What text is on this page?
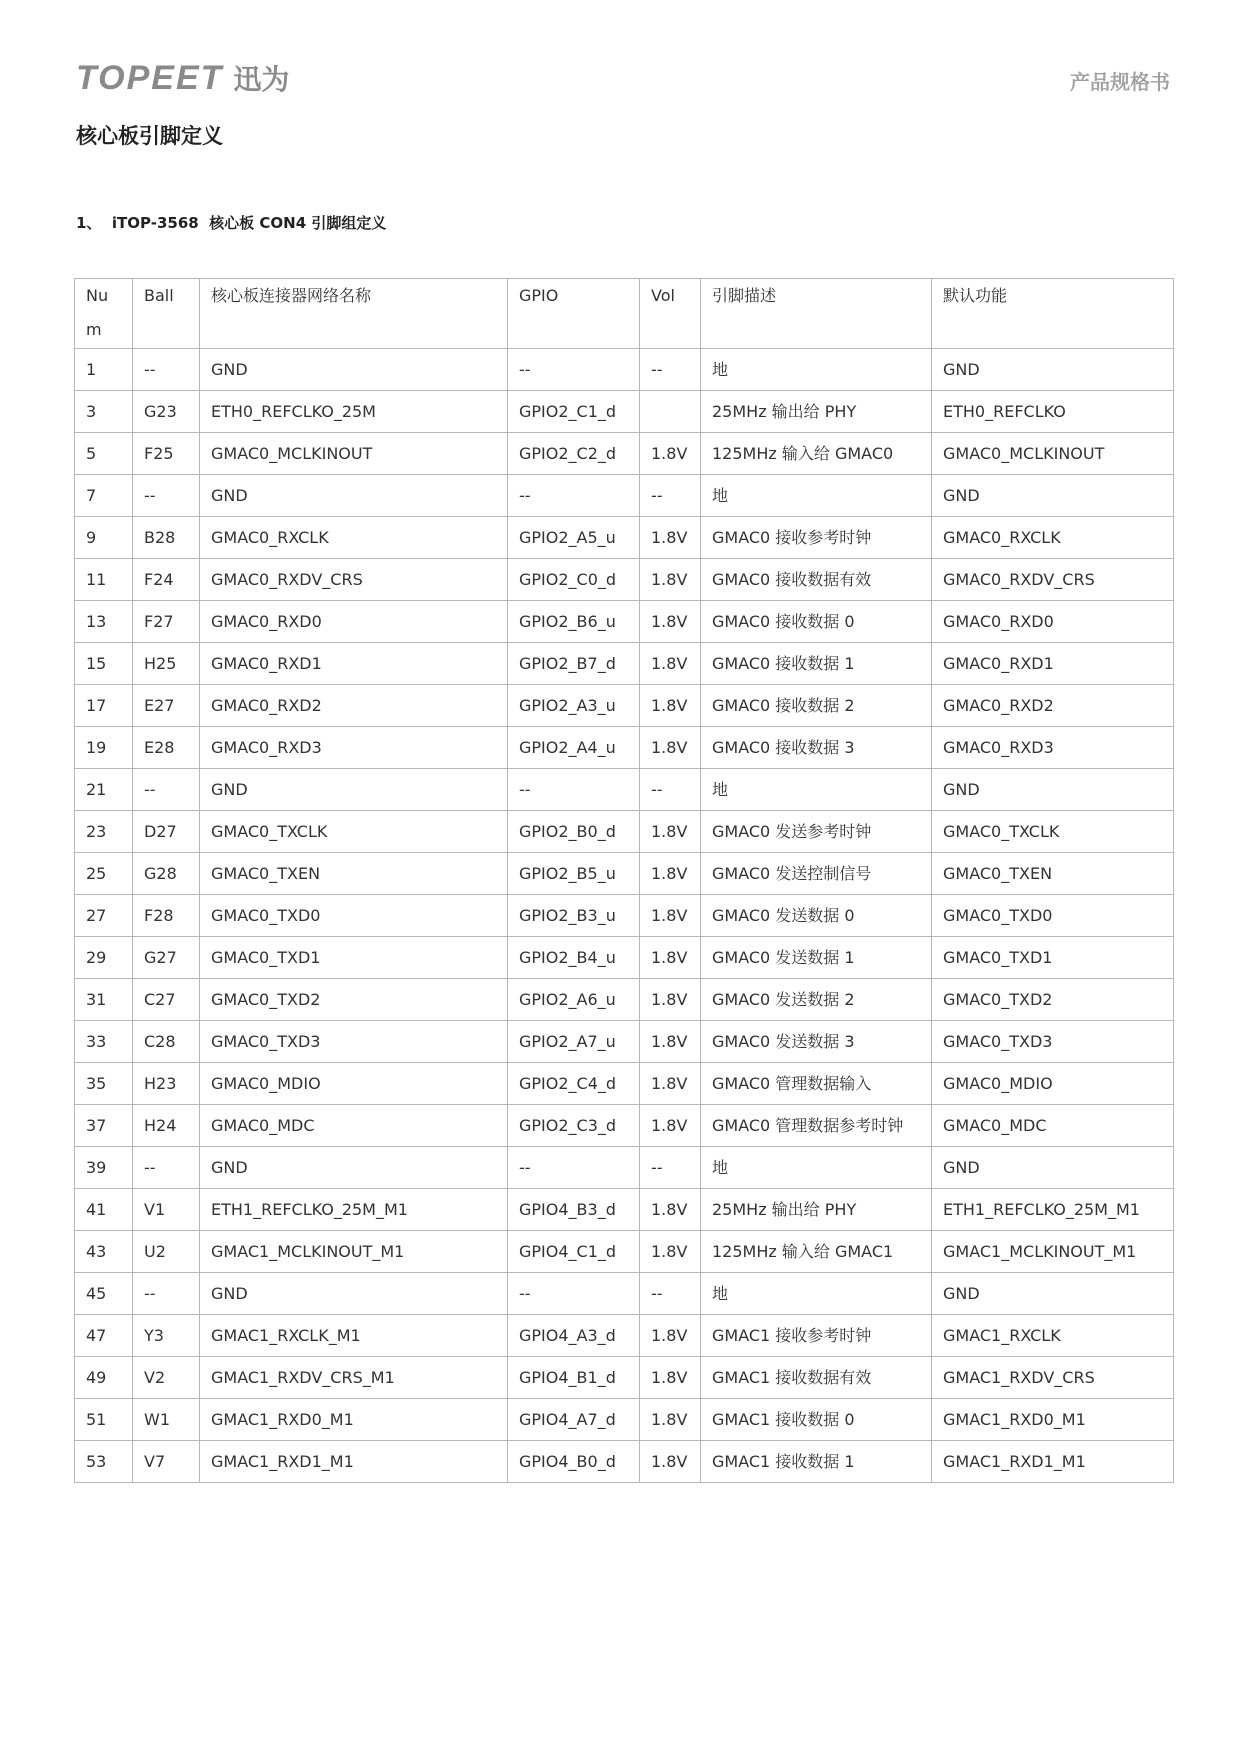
TOPEET 迅为	产品规格书
核心板引脚定义
1、  iTOP-3568  核心板 CON4 引脚组定义
Num	Ball	核心板连接器网络名称	GPIO	Vol	引脚描述	默认功能
1	--	GND	--	--	地	GND
3	G23	ETH0_REFCLKO_25M	GPIO2_C1_d		25MHz 输出给 PHY	ETH0_REFCLKO
5	F25	GMAC0_MCLKINOUT	GPIO2_C2_d	1.8V	125MHz 输入给 GMAC0	GMAC0_MCLKINOUT
7	--	GND	--	--	地	GND
9	B28	GMAC0_RXCLK	GPIO2_A5_u	1.8V	GMAC0 接收参考时钟	GMAC0_RXCLK
11	F24	GMAC0_RXDV_CRS	GPIO2_C0_d	1.8V	GMAC0 接收数据有效	GMAC0_RXDV_CRS
13	F27	GMAC0_RXD0	GPIO2_B6_u	1.8V	GMAC0 接收数据 0	GMAC0_RXD0
15	H25	GMAC0_RXD1	GPIO2_B7_d	1.8V	GMAC0 接收数据 1	GMAC0_RXD1
17	E27	GMAC0_RXD2	GPIO2_A3_u	1.8V	GMAC0 接收数据 2	GMAC0_RXD2
19	E28	GMAC0_RXD3	GPIO2_A4_u	1.8V	GMAC0 接收数据 3	GMAC0_RXD3
21	--	GND	--	--	地	GND
23	D27	GMAC0_TXCLK	GPIO2_B0_d	1.8V	GMAC0 发送参考时钟	GMAC0_TXCLK
25	G28	GMAC0_TXEN	GPIO2_B5_u	1.8V	GMAC0 发送控制信号	GMAC0_TXEN
27	F28	GMAC0_TXD0	GPIO2_B3_u	1.8V	GMAC0 发送数据 0	GMAC0_TXD0
29	G27	GMAC0_TXD1	GPIO2_B4_u	1.8V	GMAC0 发送数据 1	GMAC0_TXD1
31	C27	GMAC0_TXD2	GPIO2_A6_u	1.8V	GMAC0 发送数据 2	GMAC0_TXD2
33	C28	GMAC0_TXD3	GPIO2_A7_u	1.8V	GMAC0 发送数据 3	GMAC0_TXD3
35	H23	GMAC0_MDIO	GPIO2_C4_d	1.8V	GMAC0 管理数据输入	GMAC0_MDIO
37	H24	GMAC0_MDC	GPIO2_C3_d	1.8V	GMAC0 管理数据参考时钟	GMAC0_MDC
39	--	GND	--	--	地	GND
41	V1	ETH1_REFCLKO_25M_M1	GPIO4_B3_d	1.8V	25MHz 输出给 PHY	ETH1_REFCLKO_25M_M1
43	U2	GMAC1_MCLKINOUT_M1	GPIO4_C1_d	1.8V	125MHz 输入给 GMAC1	GMAC1_MCLKINOUT_M1
45	--	GND	--	--	地	GND
47	Y3	GMAC1_RXCLK_M1	GPIO4_A3_d	1.8V	GMAC1 接收参考时钟	GMAC1_RXCLK
49	V2	GMAC1_RXDV_CRS_M1	GPIO4_B1_d	1.8V	GMAC1 接收数据有效	GMAC1_RXDV_CRS
51	W1	GMAC1_RXD0_M1	GPIO4_A7_d	1.8V	GMAC1 接收数据 0	GMAC1_RXD0_M1
53	V7	GMAC1_RXD1_M1	GPIO4_B0_d	1.8V	GMAC1 接收数据 1	GMAC1_RXD1_M1
